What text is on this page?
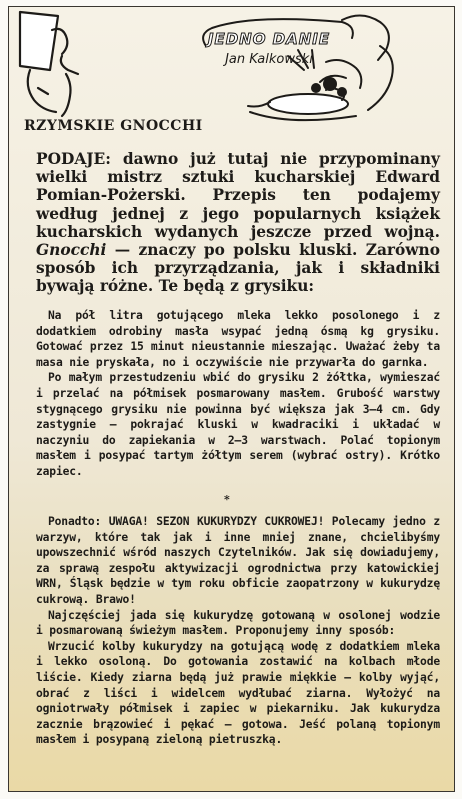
JEDNO DANIE
Jan Kalkowski
RZYMSKIE GNOCCHI

PODAJE: dawno już tutaj nie przypominany wielki mistrz sztuki kucharskiej Edward Pomian-Pożerski. Przepis ten podajemy według jednej z jego popularnych książek kucharskich wydanych jeszcze przed wojną. Gnocchi — znaczy po polsku kluski. Zarówno sposób ich przyrządzania, jak i składniki bywają różne. Te będą z grysiku:

Na pół litra gotującego mleka lekko posolonego i z dodatkiem odrobiny masła wsypać jedną ósmą kg grysiku. Gotować przez 15 minut nieustannie mieszając. Uważać żeby ta masa nie pryskała, no i oczywiście nie przywarła do garnka.

Po małym przestudzeniu wbić do grysiku 2 żółtka, wymieszać i przelać na półmisek posmarowany masłem. Grubość warstwy stygnącego grysiku nie powinna być większa jak 3—4 cm. Gdy zastygnie — pokrajać kluski w kwadraciki i układać w naczyniu do zapiekania w 2—3 warstwach. Polać topionym masłem i posypać tartym żółtym serem (wybrać ostry). Krótko zapiec.

*

Ponadto: UWAGA! SEZON KUKURYDZY CUKROWEJ! Polecamy jedno z warzyw, które tak jak i inne mniej znane, chcielibyśmy upowszechnić wśród naszych Czytelników. Jak się dowiadujemy, za sprawą zespołu aktywizacji ogrodnictwa przy katowickiej WRN, Śląsk będzie w tym roku obficie zaopatrzony w kukurydzę cukrową. Brawo!

Najczęściej jada się kukurydzę gotowaną w osolonej wodzie i posmarowaną świeżym masłem. Proponujemy inny sposób:

Wrzucić kolby kukurydzy na gotującą wodę z dodatkiem mleka i lekko osoloną. Do gotowania zostawić na kolbach młode liście. Kiedy ziarna będą już prawie miękkie — kolby wyjąć, obrać z liści i widelcem wydłubać ziarna. Wyłożyć na ogniotrwały półmisek i zapiec w piekarniku. Jak kukurydza zacznie brązowieć i pękać — gotowa. Jeść polaną topionym masłem i posypaną zieloną pietruszką.
